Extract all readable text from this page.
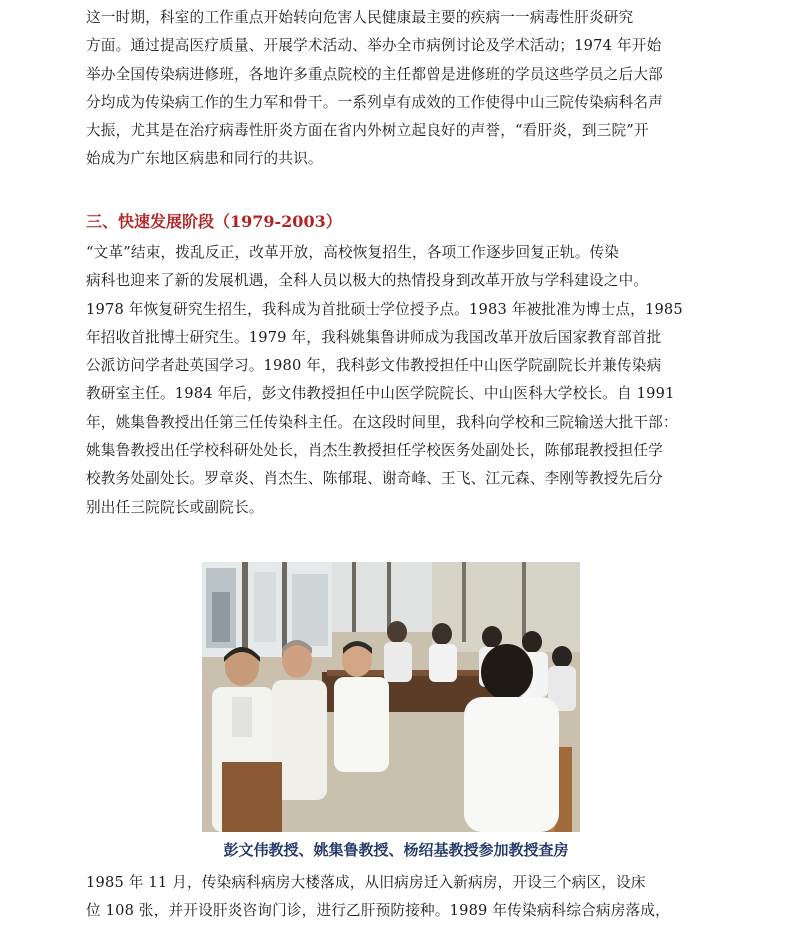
这一时期，科室的工作重点开始转向危害人民健康最主要的疾病一一病毒性肝炎研究
方面。通过提高医疗质量、开展学术活动、举办全市病例讨论及学术活动；1974 年开始
举办全国传染病进修班，各地许多重点院校的主任都曾是进修班的学员这些学员之后大部
分均成为传染病工作的生力军和骨干。一系列卓有成效的工作使得中山三院传染病科名声
大振，尤其是在治疗病毒性肝炎方面在省内外树立起良好的声誉，“看肝炎，到三院”开
始成为广东地区病患和同行的共识。
三、快速发展阶段（1979-2003）
“文革”结束，拨乱反正，改革开放，高校恢复招生，各项工作逐步回复正轨。传染
病科也迎来了新的发展机遇，全科人员以极大的热情投身到改革开放与学科建设之中。
1978 年恢复研究生招生，我科成为首批硕士学位授予点。1983 年被批准为博士点，1985
年招收首批博士研究生。1979 年，我科姚集鲁讲师成为我国改革开放后国家教育部首批
公派访问学者赴英国学习。1980 年，我科彭文伟教授担任中山医学院副院长并兼传染病
教研室主任。1984 年后，彭文伟教授担任中山医学院院长、中山医科大学校长。自 1991
年，姚集鲁教授出任第三任传染科主任。在这段时间里，我科向学校和三院输送大批干部：
姚集鲁教授出任学校科研处处长，肖杰生教授担任学校医务处副处长，陈郁琨教授担任学
校教务处副处长。罗章炎、肖杰生、陈郁琨、谢奇峰、王飞、江元森、李刚等教授先后分
别出任三院院长或副院长。

彭文伟教授、姚集鲁教授、杨绍基教授参加教授查房

1985 年 11 月，传染病科病房大楼落成，从旧病房迁入新病房，开设三个病区，设床
位 108 张，并开设肝炎咨询门诊，进行乙肝预防接种。1989 年传染病科综合病房落成，
